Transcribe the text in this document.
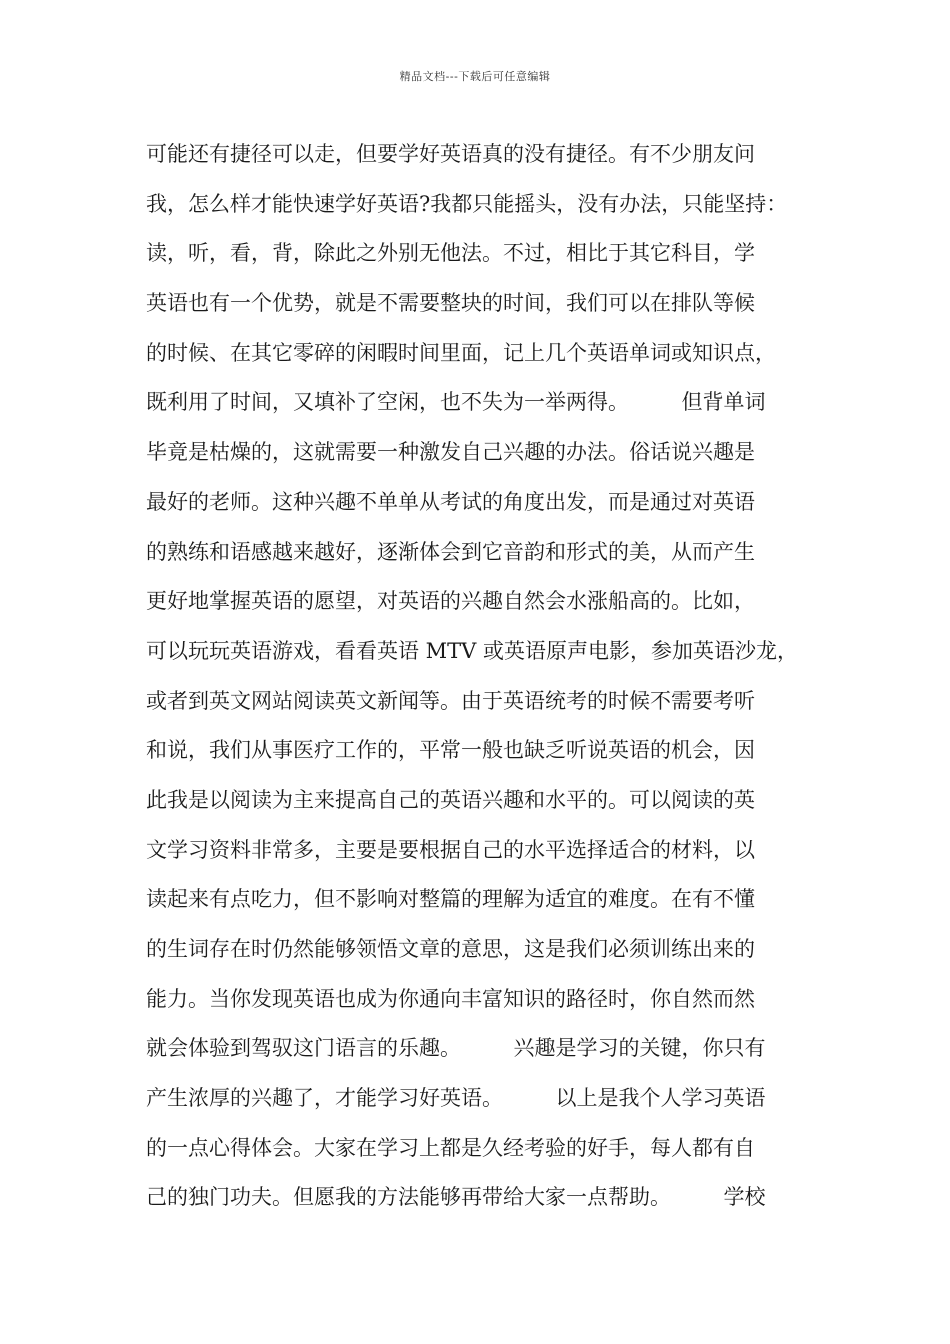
精品文档---下载后可任意编辑
可能还有捷径可以走，但要学好英语真的没有捷径。有不少朋友问
我，怎么样才能快速学好英语?我都只能摇头，没有办法，只能坚持：
读，听，看，背，除此之外别无他法。不过，相比于其它科目，学
英语也有一个优势，就是不需要整块的时间，我们可以在排队等候
的时候、在其它零碎的闲暇时间里面，记上几个英语单词或知识点，
既利用了时间，又填补了空闲，也不失为一举两得。　　　但背单词
毕竟是枯燥的，这就需要一种激发自己兴趣的办法。俗话说兴趣是
最好的老师。这种兴趣不单单从考试的角度出发，而是通过对英语
的熟练和语感越来越好，逐渐体会到它音韵和形式的美，从而产生
更好地掌握英语的愿望，对英语的兴趣自然会水涨船高的。比如，
可以玩玩英语游戏，看看英语 MTV 或英语原声电影，参加英语沙龙，
或者到英文网站阅读英文新闻等。由于英语统考的时候不需要考听
和说，我们从事医疗工作的，平常一般也缺乏听说英语的机会，因
此我是以阅读为主来提高自己的英语兴趣和水平的。可以阅读的英
文学习资料非常多，主要是要根据自己的水平选择适合的材料，以
读起来有点吃力，但不影响对整篇的理解为适宜的难度。在有不懂
的生词存在时仍然能够领悟文章的意思，这是我们必须训练出来的
能力。当你发现英语也成为你通向丰富知识的路径时，你自然而然
就会体验到驾驭这门语言的乐趣。　　　兴趣是学习的关键，你只有
产生浓厚的兴趣了，才能学习好英语。　　　以上是我个人学习英语
的一点心得体会。大家在学习上都是久经考验的好手，每人都有自
己的独门功夫。但愿我的方法能够再带给大家一点帮助。　　　学校
